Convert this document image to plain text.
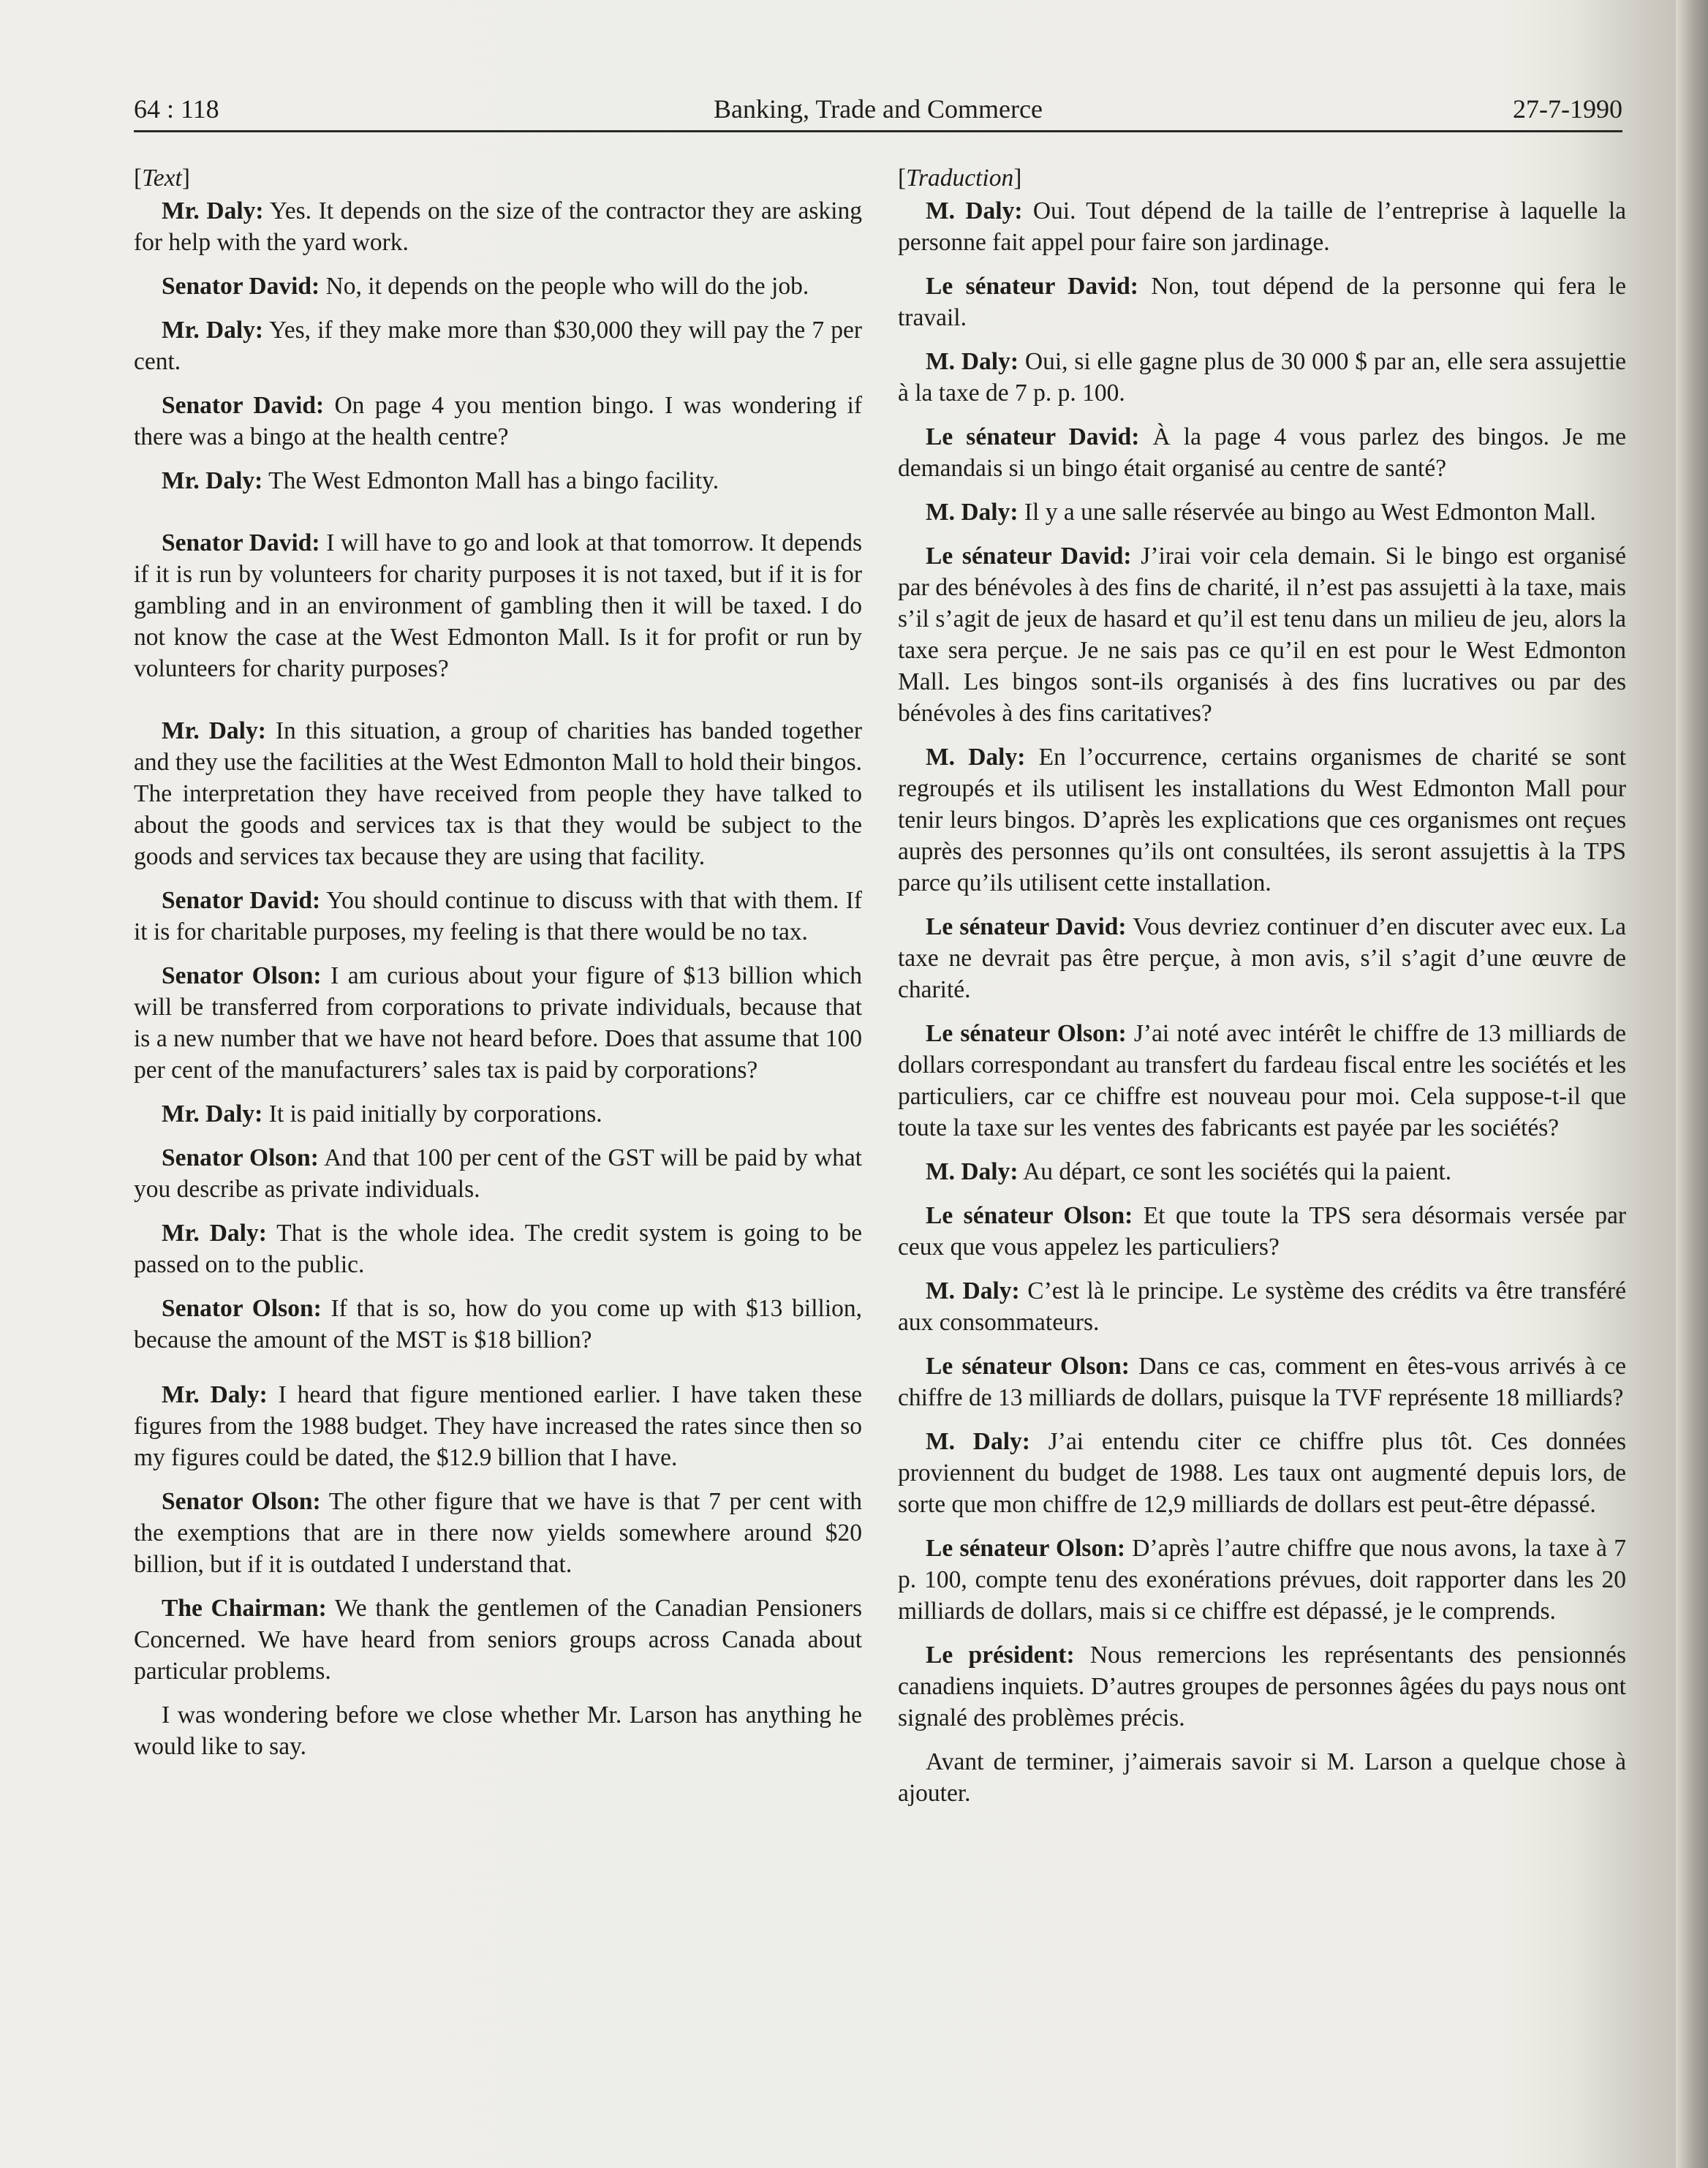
64 : 118	Banking, Trade and Commerce	27-7-1990

[Text]

Mr. Daly: Yes. It depends on the size of the contractor they are asking for help with the yard work.

Senator David: No, it depends on the people who will do the job.

Mr. Daly: Yes, if they make more than $30,000 they will pay the 7 per cent.

Senator David: On page 4 you mention bingo. I was wondering if there was a bingo at the health centre?

Mr. Daly: The West Edmonton Mall has a bingo facility.

Senator David: I will have to go and look at that tomorrow. It depends if it is run by volunteers for charity purposes it is not taxed, but if it is for gambling and in an environment of gambling then it will be taxed. I do not know the case at the West Edmonton Mall. Is it for profit or run by volunteers for charity purposes?

Mr. Daly: In this situation, a group of charities has banded together and they use the facilities at the West Edmonton Mall to hold their bingos. The interpretation they have received from people they have talked to about the goods and services tax is that they would be subject to the goods and services tax because they are using that facility.

Senator David: You should continue to discuss with that with them. If it is for charitable purposes, my feeling is that there would be no tax.

Senator Olson: I am curious about your figure of $13 billion which will be transferred from corporations to private individuals, because that is a new number that we have not heard before. Does that assume that 100 per cent of the manufacturers’ sales tax is paid by corporations?

Mr. Daly: It is paid initially by corporations.

Senator Olson: And that 100 per cent of the GST will be paid by what you describe as private individuals.

Mr. Daly: That is the whole idea. The credit system is going to be passed on to the public.

Senator Olson: If that is so, how do you come up with $13 billion, because the amount of the MST is $18 billion?

Mr. Daly: I heard that figure mentioned earlier. I have taken these figures from the 1988 budget. They have increased the rates since then so my figures could be dated, the $12.9 billion that I have.

Senator Olson: The other figure that we have is that 7 per cent with the exemptions that are in there now yields somewhere around $20 billion, but if it is outdated I understand that.

The Chairman: We thank the gentlemen of the Canadian Pensioners Concerned. We have heard from seniors groups across Canada about particular problems.

I was wondering before we close whether Mr. Larson has anything he would like to say.

[Traduction]

M. Daly: Oui. Tout dépend de la taille de l’entreprise à laquelle la personne fait appel pour faire son jardinage.

Le sénateur David: Non, tout dépend de la personne qui fera le travail.

M. Daly: Oui, si elle gagne plus de 30 000 $ par an, elle sera assujettie à la taxe de 7 p. p. 100.

Le sénateur David: À la page 4 vous parlez des bingos. Je me demandais si un bingo était organisé au centre de santé?

M. Daly: Il y a une salle réservée au bingo au West Edmonton Mall.

Le sénateur David: J’irai voir cela demain. Si le bingo est organisé par des bénévoles à des fins de charité, il n’est pas assujetti à la taxe, mais s’il s’agit de jeux de hasard et qu’il est tenu dans un milieu de jeu, alors la taxe sera perçue. Je ne sais pas ce qu’il en est pour le West Edmonton Mall. Les bingos sont-ils organisés à des fins lucratives ou par des bénévoles à des fins caritatives?

M. Daly: En l’occurrence, certains organismes de charité se sont regroupés et ils utilisent les installations du West Edmonton Mall pour tenir leurs bingos. D’après les explications que ces organismes ont reçues auprès des personnes qu’ils ont consultées, ils seront assujettis à la TPS parce qu’ils utilisent cette installation.

Le sénateur David: Vous devriez continuer d’en discuter avec eux. La taxe ne devrait pas être perçue, à mon avis, s’il s’agit d’une œuvre de charité.

Le sénateur Olson: J’ai noté avec intérêt le chiffre de 13 milliards de dollars correspondant au transfert du fardeau fiscal entre les sociétés et les particuliers, car ce chiffre est nouveau pour moi. Cela suppose-t-il que toute la taxe sur les ventes des fabricants est payée par les sociétés?

M. Daly: Au départ, ce sont les sociétés qui la paient.

Le sénateur Olson: Et que toute la TPS sera désormais versée par ceux que vous appelez les particuliers?

M. Daly: C’est là le principe. Le système des crédits va être transféré aux consommateurs.

Le sénateur Olson: Dans ce cas, comment en êtes-vous arrivés à ce chiffre de 13 milliards de dollars, puisque la TVF représente 18 milliards?

M. Daly: J’ai entendu citer ce chiffre plus tôt. Ces données proviennent du budget de 1988. Les taux ont augmenté depuis lors, de sorte que mon chiffre de 12,9 milliards de dollars est peut-être dépassé.

Le sénateur Olson: D’après l’autre chiffre que nous avons, la taxe à 7 p. 100, compte tenu des exonérations prévues, doit rapporter dans les 20 milliards de dollars, mais si ce chiffre est dépassé, je le comprends.

Le président: Nous remercions les représentants des pensionnés canadiens inquiets. D’autres groupes de personnes âgées du pays nous ont signalé des problèmes précis.

Avant de terminer, j’aimerais savoir si M. Larson a quelque chose à ajouter.
